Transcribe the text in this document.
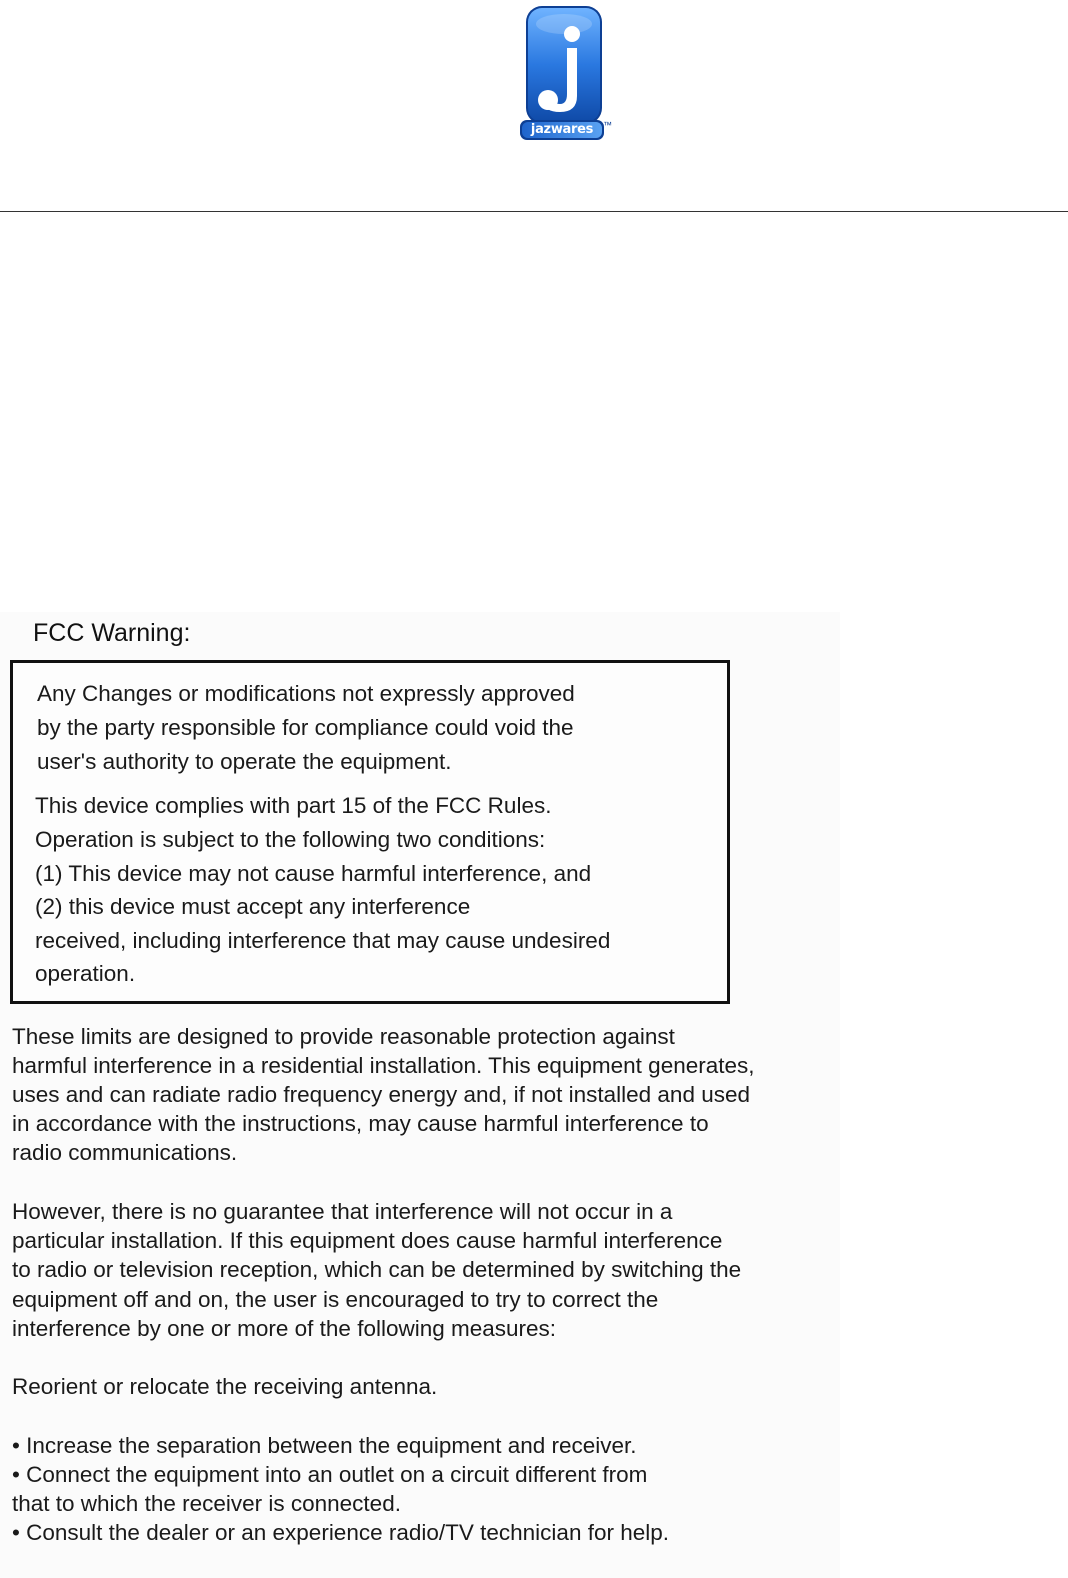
jazwares	™
FCC Warning:
Any Changes or modifications not expressly approved
by the party responsible for compliance could void the
user's authority to operate the equipment.
This device complies with part 15 of the FCC Rules.
Operation is subject to the following two conditions:
(1) This device may not cause harmful interference, and
(2) this device must accept any interference
received, including interference that may cause undesired
operation.
These limits are designed to provide reasonable protection against
harmful interference in a residential installation. This equipment generates,
uses and can radiate radio frequency energy and, if not installed and used
in accordance with the instructions, may cause harmful interference to
radio communications.
However, there is no guarantee that interference will not occur in a
particular installation. If this equipment does cause harmful interference
to radio or television reception, which can be determined by switching the
equipment off and on, the user is encouraged to try to correct the
interference by one or more of the following measures:
Reorient or relocate the receiving antenna.
• Increase the separation between the equipment and receiver.
• Connect the equipment into an outlet on a circuit different from
that to which the receiver is connected.
• Consult the dealer or an experience radio/TV technician for help.
